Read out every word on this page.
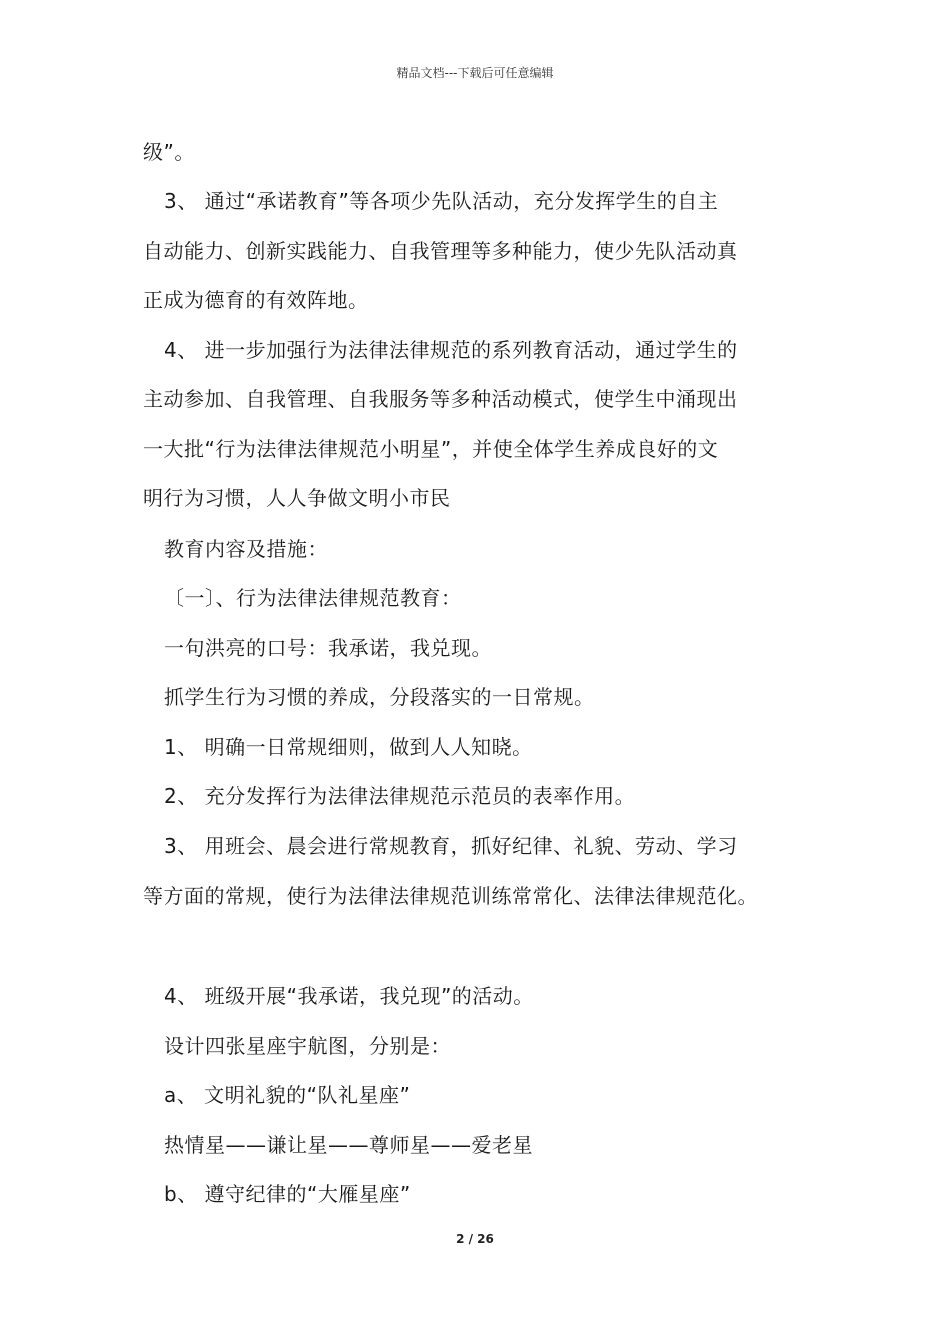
精品文档---下载后可任意编辑
级”。
3、 通过“承诺教育”等各项少先队活动，充分发挥学生的自主
自动能力、创新实践能力、自我管理等多种能力，使少先队活动真
正成为德育的有效阵地。
4、 进一步加强行为法律法律规范的系列教育活动，通过学生的
主动参加、自我管理、自我服务等多种活动模式，使学生中涌现出
一大批“行为法律法律规范小明星”，并使全体学生养成良好的文
明行为习惯，人人争做文明小市民
教育内容及措施：
〔一〕、行为法律法律规范教育：
一句洪亮的口号：我承诺，我兑现。
抓学生行为习惯的养成，分段落实的一日常规。
1、 明确一日常规细则，做到人人知晓。
2、 充分发挥行为法律法律规范示范员的表率作用。
3、 用班会、晨会进行常规教育，抓好纪律、礼貌、劳动、学习
等方面的常规，使行为法律法律规范训练常常化、法律法律规范化。
4、 班级开展“我承诺，我兑现”的活动。
设计四张星座宇航图，分别是：
a、 文明礼貌的“队礼星座”
热情星——谦让星——尊师星——爱老星
b、 遵守纪律的“大雁星座”
2 / 26
